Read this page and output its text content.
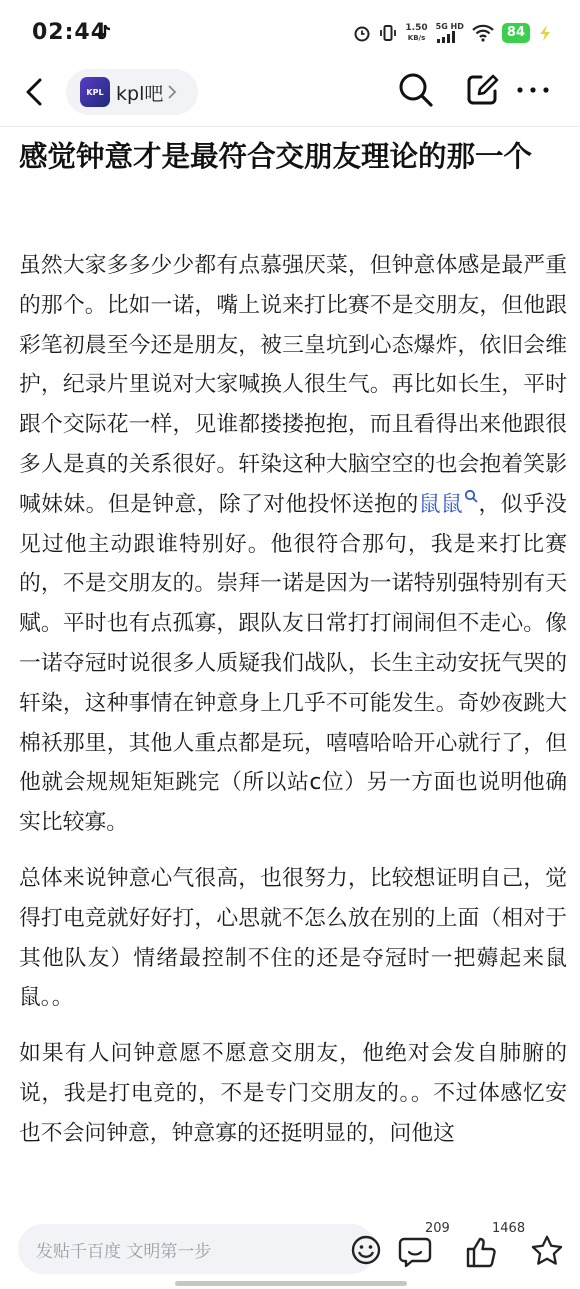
02:44	1.50
KB/s
5G HD	84
KPL kpl吧
感觉钟意才是最符合交朋友理论的那一个

虽然大家多多少少都有点慕强厌菜，但钟意体感是最严重的那个。比如一诺，嘴上说来打比赛不是交朋友，但他跟彩笔初晨至今还是朋友，被三皇坑到心态爆炸，依旧会维护，纪录片里说对大家喊换人很生气。再比如长生，平时跟个交际花一样，见谁都搂搂抱抱，而且看得出来他跟很多人是真的关系很好。轩染这种大脑空空的也会抱着笑影喊妹妹。但是钟意，除了对他投怀送抱的鼠鼠 ，似乎没见过他主动跟谁特别好。他很符合那句，我是来打比赛的，不是交朋友的。崇拜一诺是因为一诺特别强特别有天赋。平时也有点孤寡，跟队友日常打打闹闹但不走心。像一诺夺冠时说很多人质疑我们战队，长生主动安抚气哭的轩染，这种事情在钟意身上几乎不可能发生。奇妙夜跳大棉袄那里，其他人重点都是玩，嘻嘻哈哈开心就行了，但他就会规规矩矩跳完（所以站c位）另一方面也说明他确实比较寡。

总体来说钟意心气很高，也很努力，比较想证明自己，觉得打电竞就好好打，心思就不怎么放在别的上面（相对于其他队友）情绪最控制不住的还是夺冠时一把薅起来鼠鼠。。

如果有人问钟意愿不愿意交朋友，他绝对会发自肺腑的说，我是打电竞的，不是专门交朋友的。。不过体感忆安也不会问钟意，钟意寡的还挺明显的，问他这

发贴千百度 文明第一步
209	1468
